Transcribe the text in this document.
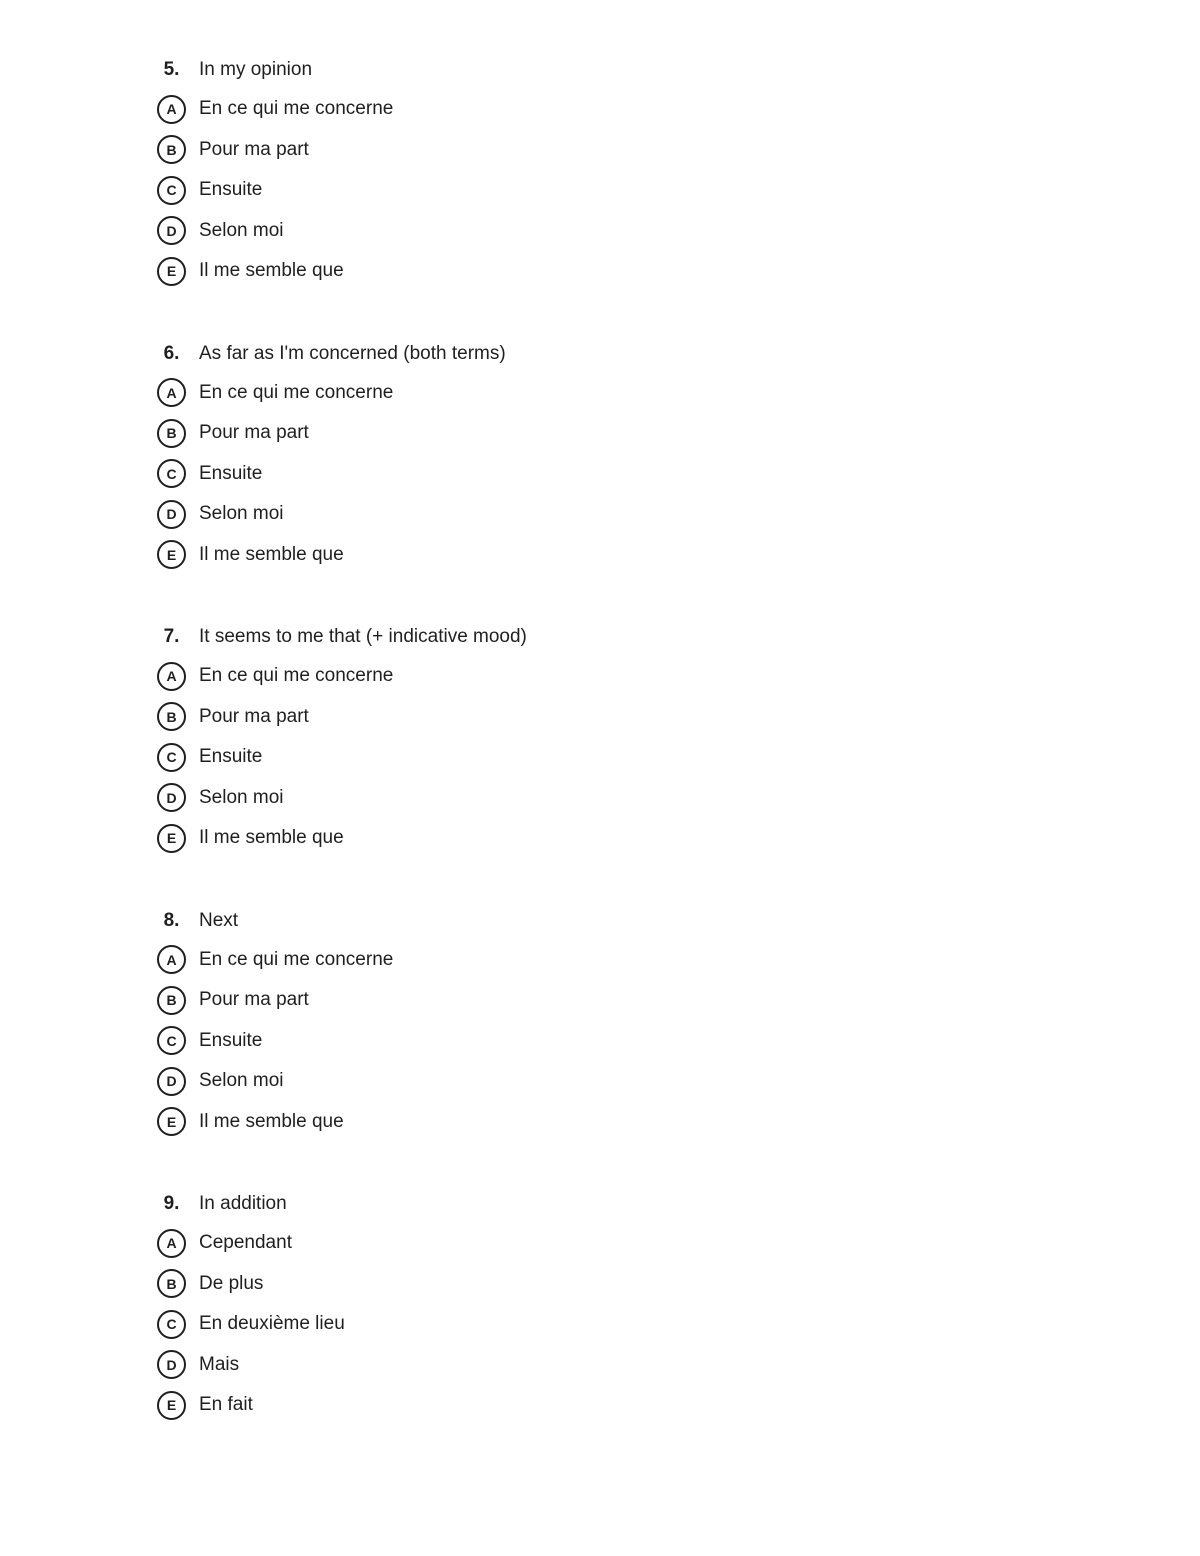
5.	In my opinion
A	En ce qui me concerne
B	Pour ma part
C	Ensuite
D	Selon moi
E	Il me semble que
6.	As far as I'm concerned (both terms)
A	En ce qui me concerne
B	Pour ma part
C	Ensuite
D	Selon moi
E	Il me semble que
7.	It seems to me that (+ indicative mood)
A	En ce qui me concerne
B	Pour ma part
C	Ensuite
D	Selon moi
E	Il me semble que
8.	Next
A	En ce qui me concerne
B	Pour ma part
C	Ensuite
D	Selon moi
E	Il me semble que
9.	In addition
A	Cependant
B	De plus
C	En deuxième lieu
D	Mais
E	En fait
